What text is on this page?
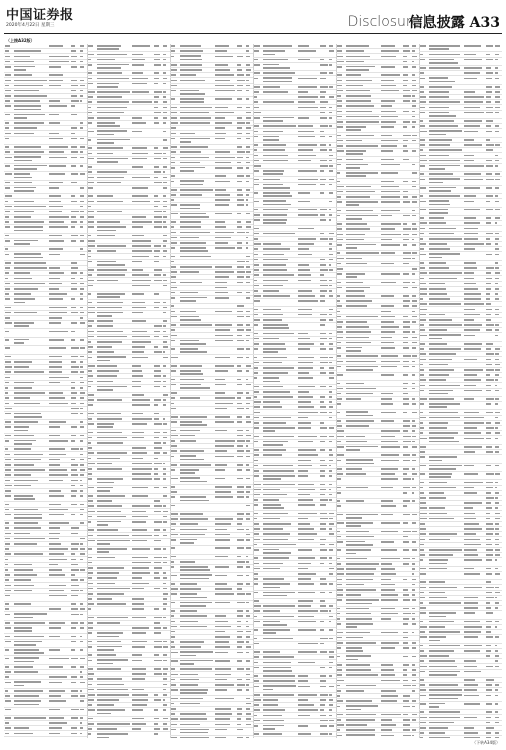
中国证券报
2020年4月22日 星期三	Disclosure
信息披露 A33
（上接A32版）
（下转A34版）
